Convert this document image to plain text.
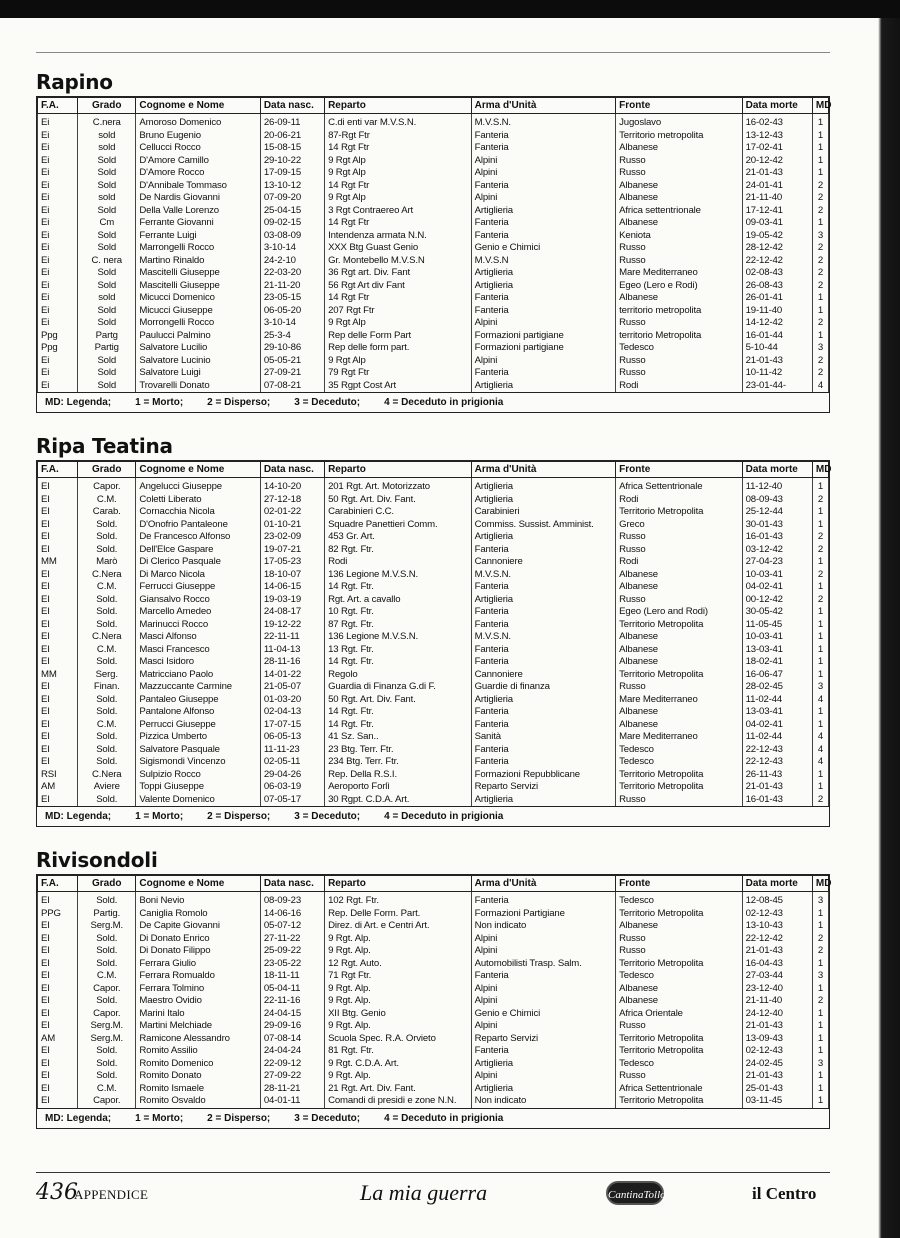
Rapino
F.A.	Grado	Cognome e Nome	Data nasc.	Reparto	Arma d'Unità	Fronte	Data morte	MD
Ei	C.nera	Amoroso Domenico	26-09-11	C.di enti var M.V.S.N.	M.V.S.N.	Jugoslavo	16-02-43	1
Ei	sold	Bruno Eugenio	20-06-21	87-Rgt Ftr	Fanteria	Territorio metropolita	13-12-43	1
Ei	sold	Cellucci Rocco	15-08-15	14 Rgt Ftr	Fanteria	Albanese	17-02-41	1
Ei	Sold	D'Amore Camillo	29-10-22	9 Rgt Alp	Alpini	Russo	20-12-42	1
Ei	Sold	D'Amore Rocco	17-09-15	9 Rgt Alp	Alpini	Russo	21-01-43	1
Ei	Sold	D'Annibale Tommaso	13-10-12	14 Rgt Ftr	Fanteria	Albanese	24-01-41	2
Ei	sold	De Nardis Giovanni	07-09-20	9 Rgt Alp	Alpini	Albanese	21-11-40	2
Ei	Sold	Della Valle Lorenzo	25-04-15	3 Rgt Contraereo Art	Artiglieria	Africa settentrionale	17-12-41	2
Ei	Cm	Ferrante Giovanni	09-02-15	14 Rgt Ftr	Fanteria	Albanese	09-03-41	1
Ei	Sold	Ferrante Luigi	03-08-09	Intendenza armata N.N.	Fanteria	Keniota	19-05-42	3
Ei	Sold	Marrongelli Rocco	3-10-14	XXX Btg Guast Genio	Genio e Chimici	Russo	28-12-42	2
Ei	C. nera	Martino Rinaldo	24-2-10	Gr. Montebello M.V.S.N	M.V.S.N	Russo	22-12-42	2
Ei	Sold	Mascitelli Giuseppe	22-03-20	36 Rgt art. Div. Fant	Artiglieria	Mare Mediterraneo	02-08-43	2
Ei	Sold	Mascitelli Giuseppe	21-11-20	56 Rgt Art div Fant	Artiglieria	Egeo (Lero e Rodi)	26-08-43	2
Ei	sold	Micucci Domenico	23-05-15	14 Rgt Ftr	Fanteria	Albanese	26-01-41	1
Ei	Sold	Micucci Giuseppe	06-05-20	207 Rgt Ftr	Fanteria	territorio metropolita	19-11-40	1
Ei	Sold	Morrongelli Rocco	3-10-14	9 Rgt Alp	Alpini	Russo	14-12-42	2
Ppg	Partg	Paulucci Palmino	25-3-4	Rep delle Form Part	Formazioni partigiane	territorio Metropolita	16-01-44	1
Ppg	Partig	Salvatore Lucilio	29-10-86	Rep delle form part.	Formazioni partigiane	Tedesco	5-10-44	3
Ei	Sold	Salvatore Lucinio	05-05-21	9 Rgt Alp	Alpini	Russo	21-01-43	2
Ei	Sold	Salvatore Luigi	27-09-21	79 Rgt Ftr	Fanteria	Russo	10-11-42	2
Ei	Sold	Trovarelli Donato	07-08-21	35 Rgpt Cost Art	Artiglieria	Rodi	23-01-44-	4
MD: Legenda; 1 = Morto; 2 = Disperso; 3 = Deceduto; 4 = Deceduto in prigionia
Ripa Teatina
F.A.	Grado	Cognome e Nome	Data nasc.	Reparto	Arma d'Unità	Fronte	Data morte	MD
EI	Capor.	Angelucci Giuseppe	14-10-20	201 Rgt. Art. Motorizzato	Artiglieria	Africa Settentrionale	11-12-40	1
EI	C.M.	Coletti Liberato	27-12-18	50 Rgt. Art. Div. Fant.	Artiglieria	Rodi	08-09-43	2
EI	Carab.	Cornacchia Nicola	02-01-22	Carabinieri C.C.	Carabinieri	Territorio Metropolita	25-12-44	1
EI	Sold.	D'Onofrio Pantaleone	01-10-21	Squadre Panettieri Comm.	Commiss. Sussist. Amminist.	Greco	30-01-43	1
EI	Sold.	De Francesco Alfonso	23-02-09	453 Gr. Art.	Artiglieria	Russo	16-01-43	2
EI	Sold.	Dell'Elce Gaspare	19-07-21	82 Rgt. Ftr.	Fanteria	Russo	03-12-42	2
MM	Marò	Di Clerico Pasquale	17-05-23	Rodi	Cannoniere	Rodi	27-04-23	1
EI	C.Nera	Di Marco Nicola	18-10-07	136 Legione M.V.S.N.	M.V.S.N.	Albanese	10-03-41	2
EI	C.M.	Ferrucci Giuseppe	14-06-15	14 Rgt. Ftr.	Fanteria	Albanese	04-02-41	1
EI	Sold.	Giansalvo Rocco	19-03-19	Rgt. Art. a cavallo	Artiglieria	Russo	00-12-42	2
EI	Sold.	Marcello Amedeo	24-08-17	10 Rgt. Ftr.	Fanteria	Egeo (Lero and Rodi)	30-05-42	1
EI	Sold.	Marinucci Rocco	19-12-22	87 Rgt. Ftr.	Fanteria	Territorio Metropolita	11-05-45	1
EI	C.Nera	Masci Alfonso	22-11-11	136 Legione M.V.S.N.	M.V.S.N.	Albanese	10-03-41	1
EI	C.M.	Masci Francesco	11-04-13	13 Rgt. Ftr.	Fanteria	Albanese	13-03-41	1
EI	Sold.	Masci Isidoro	28-11-16	14 Rgt. Ftr.	Fanteria	Albanese	18-02-41	1
MM	Serg.	Matricciano Paolo	14-01-22	Regolo	Cannoniere	Territorio Metropolita	16-06-47	1
EI	Finan.	Mazzuccante Carmine	21-05-07	Guardia di Finanza G.di F.	Guardie di finanza	Russo	28-02-45	3
EI	Sold.	Pantaleo Giuseppe	01-03-20	50 Rgt. Art. Div. Fant.	Artiglieria	Mare Mediterraneo	11-02-44	4
EI	Sold.	Pantalone Alfonso	02-04-13	14 Rgt. Ftr.	Fanteria	Albanese	13-03-41	1
EI	C.M.	Perrucci Giuseppe	17-07-15	14 Rgt. Ftr.	Fanteria	Albanese	04-02-41	1
EI	Sold.	Pizzica Umberto	06-05-13	41 Sz. San..	Sanità	Mare Mediterraneo	11-02-44	4
EI	Sold.	Salvatore Pasquale	11-11-23	23 Btg. Terr. Ftr.	Fanteria	Tedesco	22-12-43	4
EI	Sold.	Sigismondi Vincenzo	02-05-11	234 Btg. Terr. Ftr.	Fanteria	Tedesco	22-12-43	4
RSI	C.Nera	Sulpizio Rocco	29-04-26	Rep. Della R.S.I.	Formazioni Repubblicane	Territorio Metropolita	26-11-43	1
AM	Aviere	Toppi Giuseppe	06-03-19	Aeroporto Forlì	Reparto Servizi	Territorio Metropolita	21-01-43	1
EI	Sold.	Valente Domenico	07-05-17	30 Rgpt. C.D.A. Art.	Artiglieria	Russo	16-01-43	2
MD: Legenda; 1 = Morto; 2 = Disperso; 3 = Deceduto; 4 = Deceduto in prigionia
Rivisondoli
F.A.	Grado	Cognome e Nome	Data nasc.	Reparto	Arma d'Unità	Fronte	Data morte	MD
EI	Sold.	Boni Nevio	08-09-23	102 Rgt. Ftr.	Fanteria	Tedesco	12-08-45	3
PPG	Partig.	Caniglia Romolo	14-06-16	Rep. Delle Form. Part.	Formazioni Partigiane	Territorio Metropolita	02-12-43	1
EI	Serg.M.	De Capite Giovanni	05-07-12	Direz. di Art. e Centri Art.	Non indicato	Albanese	13-10-43	1
EI	Sold.	Di Donato Enrico	27-11-22	9 Rgt. Alp.	Alpini	Russo	22-12-42	2
EI	Sold.	Di Donato Filippo	25-09-22	9 Rgt. Alp.	Alpini	Russo	21-01-43	2
EI	Sold.	Ferrara Giulio	23-05-22	12 Rgt. Auto.	Automobilisti Trasp. Salm.	Territorio Metropolita	16-04-43	1
EI	C.M.	Ferrara Romualdo	18-11-11	71 Rgt Ftr.	Fanteria	Tedesco	27-03-44	3
EI	Capor.	Ferrara Tolmino	05-04-11	9 Rgt. Alp.	Alpini	Albanese	23-12-40	1
EI	Sold.	Maestro Ovidio	22-11-16	9 Rgt. Alp.	Alpini	Albanese	21-11-40	2
EI	Capor.	Marini Italo	24-04-15	XII Btg. Genio	Genio e Chimici	Africa Orientale	24-12-40	1
EI	Serg.M.	Martini Melchiade	29-09-16	9 Rgt. Alp.	Alpini	Russo	21-01-43	1
AM	Serg.M.	Ramicone Alessandro	07-08-14	Scuola Spec. R.A. Orvieto	Reparto Servizi	Territorio Metropolita	13-09-43	1
EI	Sold.	Romito Assilio	24-04-24	81 Rgt. Ftr.	Fanteria	Territorio Metropolita	02-12-43	1
EI	Sold.	Romito Domenico	22-09-12	9 Rgt. C.D.A. Art.	Artiglieria	Tedesco	24-02-45	3
EI	Sold.	Romito Donato	27-09-22	9 Rgt. Alp.	Alpini	Russo	21-01-43	1
EI	C.M.	Romito Ismaele	28-11-21	21 Rgt. Art. Div. Fant.	Artiglieria	Africa Settentrionale	25-01-43	1
EI	Capor.	Romito Osvaldo	04-01-11	Comandi di presidi e zone N.N.	Non indicato	Territorio Metropolita	03-11-45	1
MD: Legenda; 1 = Morto; 2 = Disperso; 3 = Deceduto; 4 = Deceduto in prigionia
436
APPENDICE	La mia guerra	CantinaTollo	il Centro
